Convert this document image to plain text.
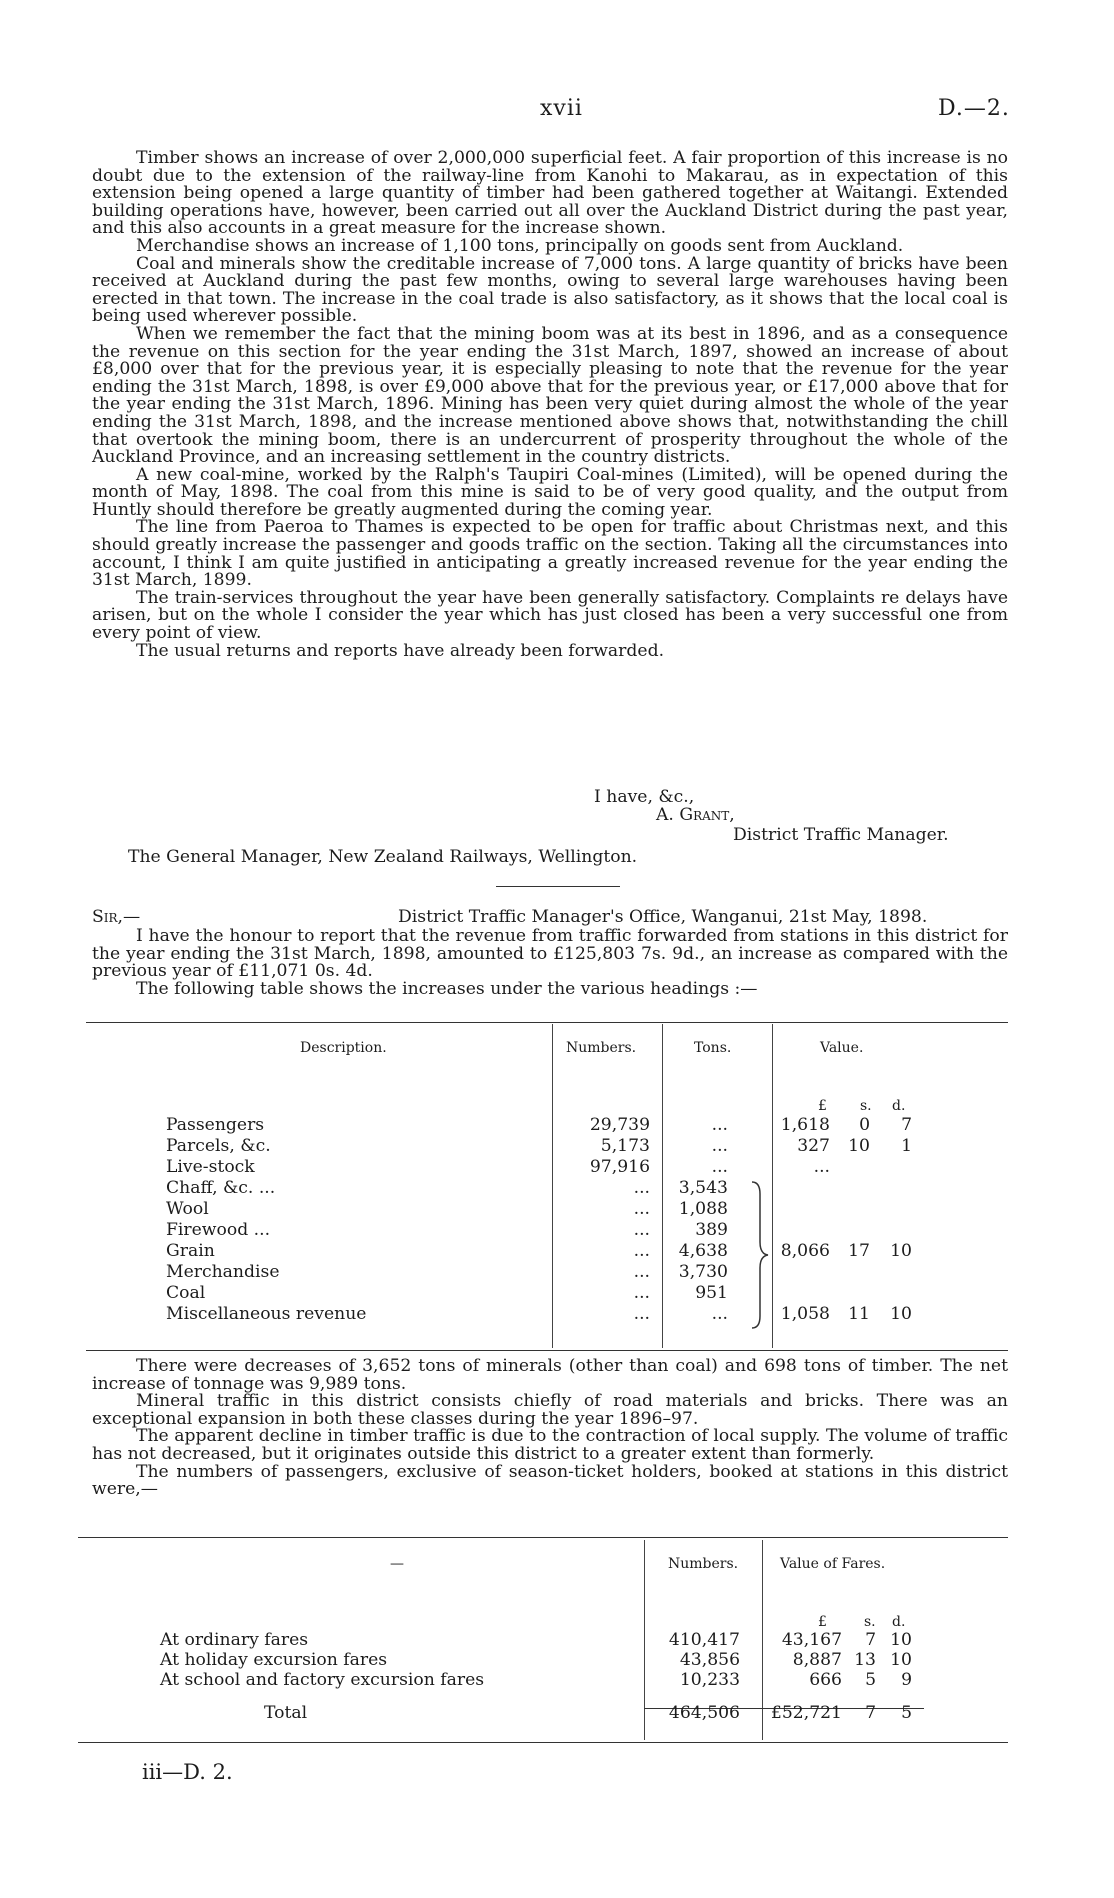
xvii	D.—2.

Timber shows an increase of over 2,000,000 superficial feet. A fair proportion of this increase is no doubt due to the extension of the railway-line from Kanohi to Makarau, as in expectation of this extension being opened a large quantity of timber had been gathered together at Waitangi. Extended building operations have, however, been carried out all over the Auckland District during the past year, and this also accounts in a great measure for the increase shown.

Merchandise shows an increase of 1,100 tons, principally on goods sent from Auckland.

Coal and minerals show the creditable increase of 7,000 tons. A large quantity of bricks have been received at Auckland during the past few months, owing to several large warehouses having been erected in that town. The increase in the coal trade is also satisfactory, as it shows that the local coal is being used wherever possible.

When we remember the fact that the mining boom was at its best in 1896, and as a consequence the revenue on this section for the year ending the 31st March, 1897, showed an increase of about £8,000 over that for the previous year, it is especially pleasing to note that the revenue for the year ending the 31st March, 1898, is over £9,000 above that for the previous year, or £17,000 above that for the year ending the 31st March, 1896. Mining has been very quiet during almost the whole of the year ending the 31st March, 1898, and the increase mentioned above shows that, notwithstanding the chill that overtook the mining boom, there is an undercurrent of prosperity throughout the whole of the Auckland Province, and an increasing settlement in the country districts.

A new coal-mine, worked by the Ralph's Taupiri Coal-mines (Limited), will be opened during the month of May, 1898. The coal from this mine is said to be of very good quality, and the output from Huntly should therefore be greatly augmented during the coming year.

The line from Paeroa to Thames is expected to be open for traffic about Christmas next, and this should greatly increase the passenger and goods traffic on the section. Taking all the circumstances into account, I think I am quite justified in anticipating a greatly increased revenue for the year ending the 31st March, 1899.

The train-services throughout the year have been generally satisfactory. Complaints re delays have arisen, but on the whole I consider the year which has just closed has been a very successful one from every point of view.

The usual returns and reports have already been forwarded.

I have, &c.,
A. Grant,
District Traffic Manager.
The General Manager, New Zealand Railways, Wellington.
Sir,—	District Traffic Manager's Office, Wanganui, 21st May, 1898.

I have the honour to report that the revenue from traffic forwarded from stations in this district for the year ending the 31st March, 1898, amounted to £125,803 7s. 9d., an increase as compared with the previous year of £11,071 0s. 4d.

The following table shows the increases under the various headings :—

Description.	Numbers.	Tons.	Value.
£ s. d.
Passengers	29,739	...	1,618	0	7
Parcels, &c.	5,173	...	327	10	1
Live-stock	97,916	...	...		
Chaff, &c. ...	...	3,543			
Wool	...	1,088			
Firewood ...	...	389			
Grain	...	4,638	8,066	17	10
Merchandise	...	3,730			
Coal	...	951			
Miscellaneous revenue	...	...	1,058	11	10

There were decreases of 3,652 tons of minerals (other than coal) and 698 tons of timber. The net increase of tonnage was 9,989 tons.

Mineral traffic in this district consists chiefly of road materials and bricks. There was an exceptional expansion in both these classes during the year 1896–97.

The apparent decline in timber traffic is due to the contraction of local supply. The volume of traffic has not decreased, but it originates outside this district to a greater extent than formerly.

The numbers of passengers, exclusive of season-ticket holders, booked at stations in this district were,—

—	Numbers.	Value of Fares.
£	s. d.
At ordinary fares	410,417	43,167	7	10
At holiday excursion fares	43,856	8,887	13	10
At school and factory excursion fares	10,233	666	5	9
Total	464,506	£52,721	7	5
iii—D. 2.
